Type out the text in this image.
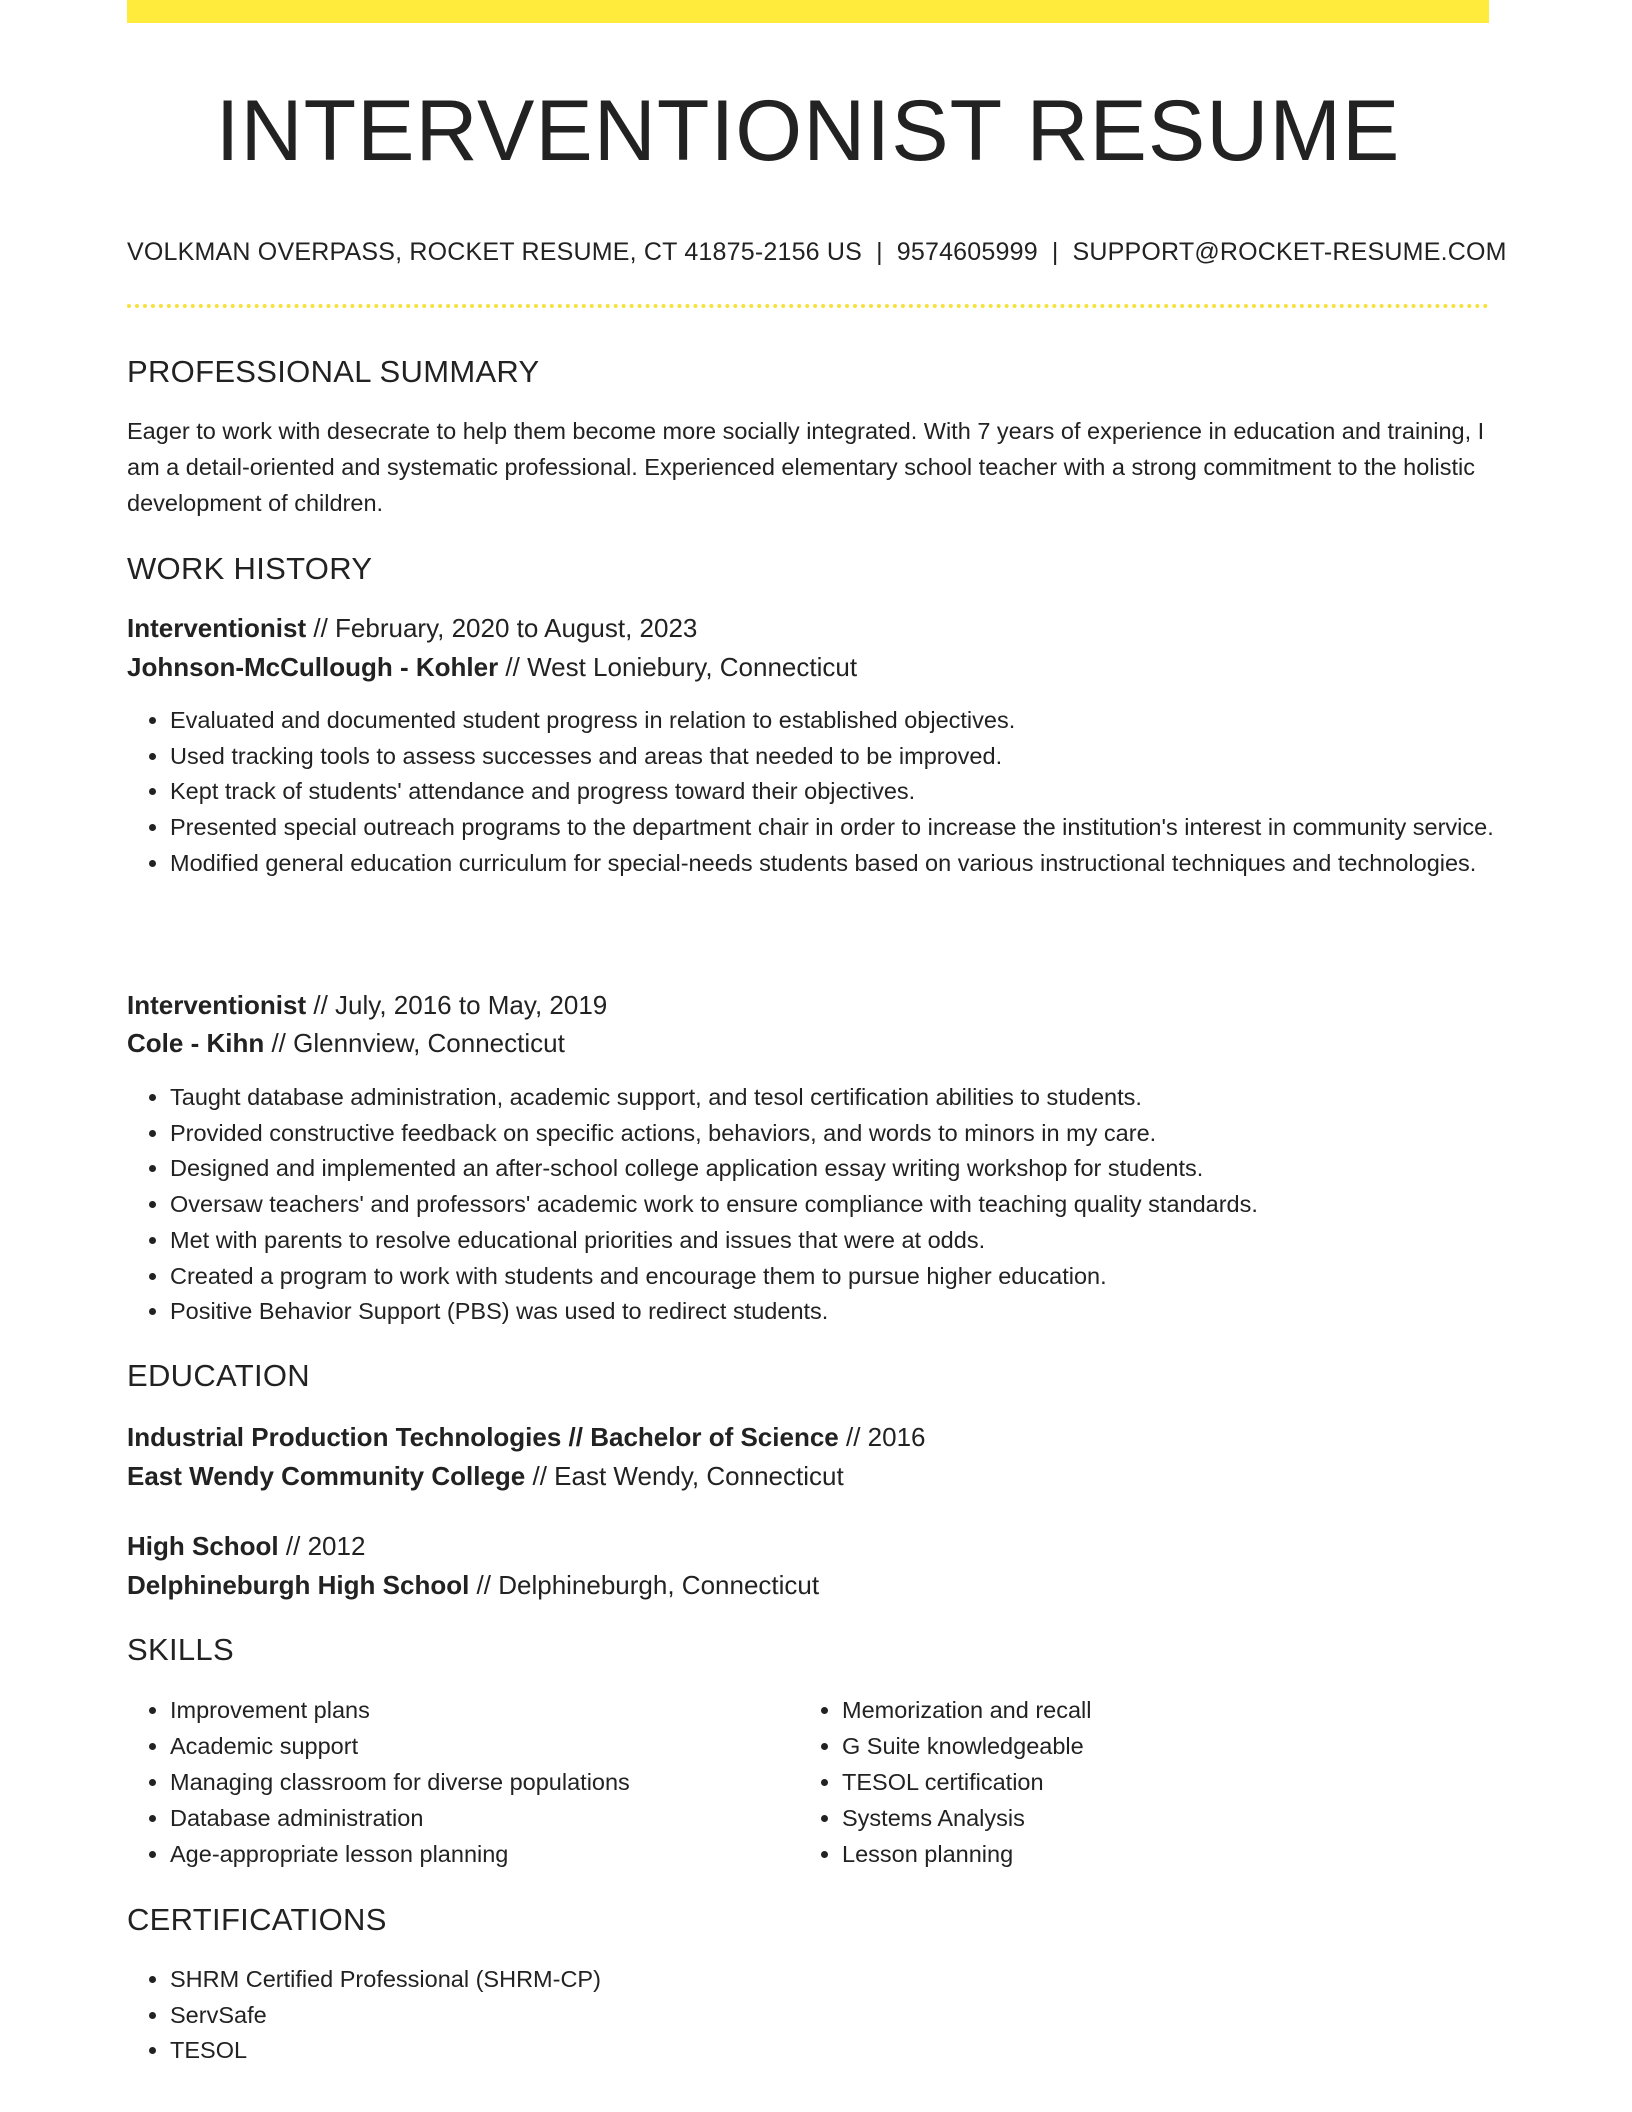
INTERVENTIONIST RESUME
VOLKMAN OVERPASS, ROCKET RESUME, CT 41875-2156 US | 9574605999 | SUPPORT@ROCKET-RESUME.COM
PROFESSIONAL SUMMARY
Eager to work with desecrate to help them become more socially integrated. With 7 years of experience in education and training, I am a detail-oriented and systematic professional. Experienced elementary school teacher with a strong commitment to the holistic development of children.
WORK HISTORY
Interventionist // February, 2020 to August, 2023
Johnson-McCullough - Kohler // West Loniebury, Connecticut
• Evaluated and documented student progress in relation to established objectives.
• Used tracking tools to assess successes and areas that needed to be improved.
• Kept track of students' attendance and progress toward their objectives.
• Presented special outreach programs to the department chair in order to increase the institution's interest in community service.
• Modified general education curriculum for special-needs students based on various instructional techniques and technologies.
Interventionist // July, 2016 to May, 2019
Cole - Kihn // Glennview, Connecticut
• Taught database administration, academic support, and tesol certification abilities to students.
• Provided constructive feedback on specific actions, behaviors, and words to minors in my care.
• Designed and implemented an after-school college application essay writing workshop for students.
• Oversaw teachers' and professors' academic work to ensure compliance with teaching quality standards.
• Met with parents to resolve educational priorities and issues that were at odds.
• Created a program to work with students and encourage them to pursue higher education.
• Positive Behavior Support (PBS) was used to redirect students.
EDUCATION
Industrial Production Technologies // Bachelor of Science // 2016
East Wendy Community College // East Wendy, Connecticut
High School // 2012
Delphineburgh High School // Delphineburgh, Connecticut
SKILLS
• Improvement plans
• Academic support
• Managing classroom for diverse populations
• Database administration
• Age-appropriate lesson planning
• Memorization and recall
• G Suite knowledgeable
• TESOL certification
• Systems Analysis
• Lesson planning
CERTIFICATIONS
• SHRM Certified Professional (SHRM-CP)
• ServSafe
• TESOL
